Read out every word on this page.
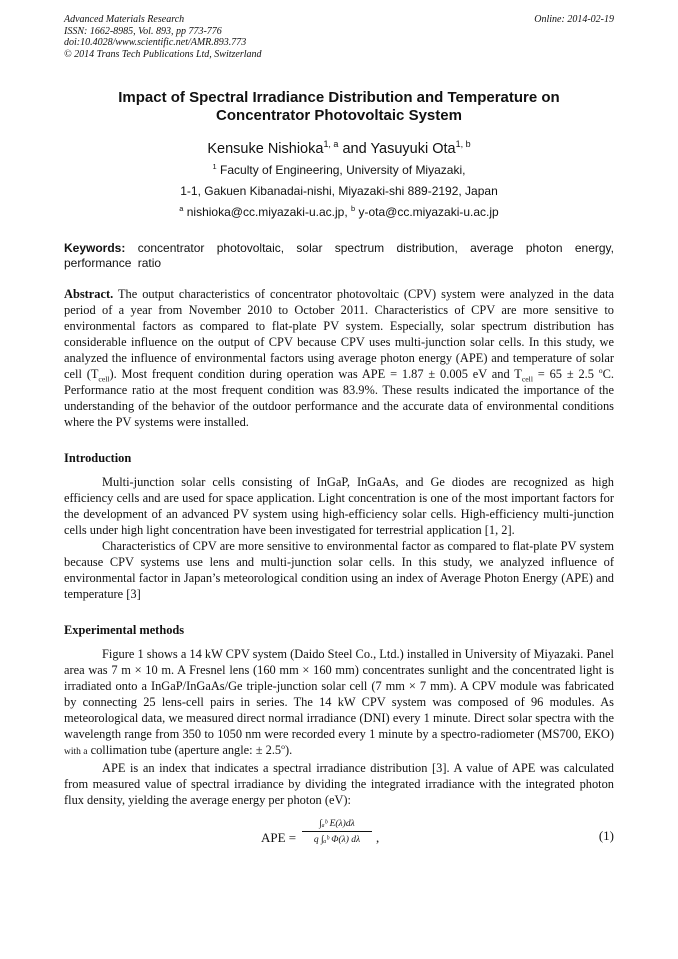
Advanced Materials Research
ISSN: 1662-8985, Vol. 893, pp 773-776
doi:10.4028/www.scientific.net/AMR.893.773
© 2014 Trans Tech Publications Ltd, Switzerland
Online: 2014-02-19
Impact of Spectral Irradiance Distribution and Temperature on Concentrator Photovoltaic System
Kensuke Nishioka$^{1, a}$ and Yasuyuki Ota$^{1, b}$
$^1$ Faculty of Engineering, University of Miyazaki,
1-1, Gakuen Kibanadai-nishi, Miyazaki-shi 889-2192, Japan
$^a$ nishioka@cc.miyazaki-u.ac.jp, $^b$ y-ota@cc.miyazaki-u.ac.jp
Keywords: concentrator photovoltaic, solar spectrum distribution, average photon energy, performance ratio

Abstract. The output characteristics of concentrator photovoltaic (CPV) system were analyzed in the data period of a year from November 2010 to October 2011. Characteristics of CPV are more sensitive to environmental factors as compared to flat-plate PV system. Especially, solar spectrum distribution has considerable influence on the output of CPV because CPV uses multi-junction solar cells. In this study, we analyzed the influence of environmental factors using average photon energy (APE) and temperature of solar cell $(T_{cell})$. Most frequent condition during operation was APE = 1.87 ± 0.005 eV and $T_{cell} = 65 \pm 2.5$ $^o$C. Performance ratio at the most frequent condition was 83.9%. These results indicated the importance of the understanding of the behavior of the outdoor performance and the accurate data of environmental conditions where the PV systems were installed.

Introduction

Multi-junction solar cells consisting of InGaP, InGaAs, and Ge diodes are recognized as high efficiency cells and are used for space application. Light concentration is one of the most important factors for the development of an advanced PV system using high-efficiency solar cells. High-efficiency multi-junction cells under high light concentration have been investigated for terrestrial application [1, 2].

Characteristics of CPV are more sensitive to environmental factor as compared to flat-plate PV system because CPV systems use lens and multi-junction solar cells. In this study, we analyzed influence of environmental factor in Japan’s meteorological condition using an index of Average Photon Energy (APE) and temperature [3]

Experimental methods

Figure 1 shows a 14 kW CPV system (Daido Steel Co., Ltd.) installed in University of Miyazaki. Panel area was 7 m × 10 m. A Fresnel lens (160 mm × 160 mm) concentrates sunlight and the concentrated light is irradiated onto a InGaP/InGaAs/Ge triple-junction solar cell (7 mm × 7 mm). A CPV module was fabricated by connecting 25 lens-cell pairs in series. The 14 kW CPV system was composed of 96 modules. As meteorological data, we measured direct normal irradiance (DNI) every 1 minute. Direct solar spectra with the wavelength range from 350 to 1050 nm were recorded every 1 minute by a spectro-radiometer (MS700, EKO) with a collimation tube (aperture angle: ± $2.5^o$).

APE is an index that indicates a spectral irradiance distribution [3]. A value of APE was calculated from measured value of spectral irradiance by dividing the integrated irradiance with the integrated photon flux density, yielding the average energy per photon (eV):

APE = $\frac{\text{∫ₐᵇ E(λ)dλ}}{\text{q ∫ₐᵇ Φ(λ) dλ}}$ ,	(1)
